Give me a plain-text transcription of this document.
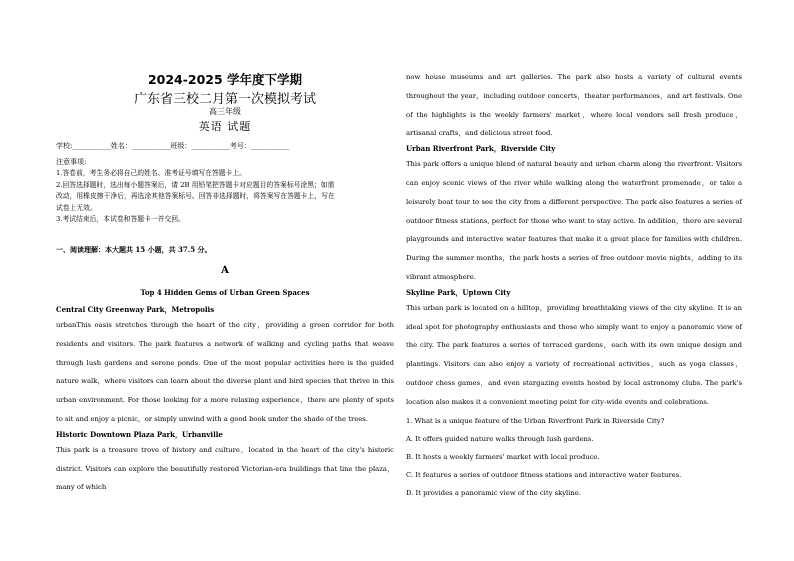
2024-2025 学年度下学期
广东省三校二月第一次模拟考试
高三年级
英语 试题
学校:___________姓名：___________班级：___________考号：___________
注意事项:
1.答卷前，考生务必将自己的姓名、准考证号填写在答题卡上。
2.回答选择题时，选出每小题答案后，请 2B 用铅笔把答题卡对应题目的答案标号涂黑；如需
改动，用橡皮擦干净后，再选涂其他答案标号。回答非选择题时，将答案写在答题卡上，写在
试卷上无效。
3.考试结束后，本试卷和答题卡一并交回。
一、阅读理解：本大题共 15 小题，共 37.5 分。
A
Top 4 Hidden Gems of Urban Green Spaces
Central City Greenway Park，Metropolis
urbanThis oasis stretches through the heart of the city，providing a green corridor for both residents and visitors. The park features a network of walking and cycling paths that weave through lush gardens and serene ponds. One of the most popular activities here is the guided nature walk，where visitors can learn about the diverse plant and bird species that thrive in this urban environment. For those looking for a more relaxing experience，there are plenty of spots to sit and enjoy a picnic，or simply unwind with a good book under the shade of the trees.
Historic Downtown Plaza Park，Urbanville
This park is a treasure trove of history and culture，located in the heart of the city's historic district. Visitors can explore the beautifully restored Victorian-era buildings that line the plaza，many of which
now house museums and art galleries. The park also hosts a variety of cultural events throughout the year，including outdoor concerts，theater performances，and art festivals. One of the highlights is the weekly farmers' market，where local vendors sell fresh produce，artisanal crafts，and delicious street food.
Urban Riverfront Park，Riverside City
This park offers a unique blend of natural beauty and urban charm along the riverfront. Visitors can enjoy scenic views of the river while walking along the waterfront promenade，or take a leisurely boat tour to see the city from a different perspective. The park also features a series of outdoor fitness stations, perfect for those who want to stay active. In addition，there are several playgrounds and interactive water features that make it a great place for families with children. During the summer months，the park hosts a series of free outdoor movie nights，adding to its vibrant atmosphere.
Skyline Park，Uptown City
This urban park is located on a hilltop，providing breathtaking views of the city skyline. It is an ideal spot for photography enthusiasts and those who simply want to enjoy a panoramic view of the city. The park features a series of terraced gardens，each with its own unique design and plantings. Visitors can also enjoy a variety of recreational activities，such as yoga classes，outdoor chess games，and even stargazing events hosted by local astronomy clubs. The park's location also makes it a convenient meeting point for city-wide events and celebrations.
1. What is a unique feature of the Urban Riverfront Park in Riverside City?
A. It offers guided nature walks through lush gardens.
B. It hosts a weekly farmers' market with local produce.
C. It features a series of outdoor fitness stations and interactive water features.
D. It provides a panoramic view of the city skyline.
